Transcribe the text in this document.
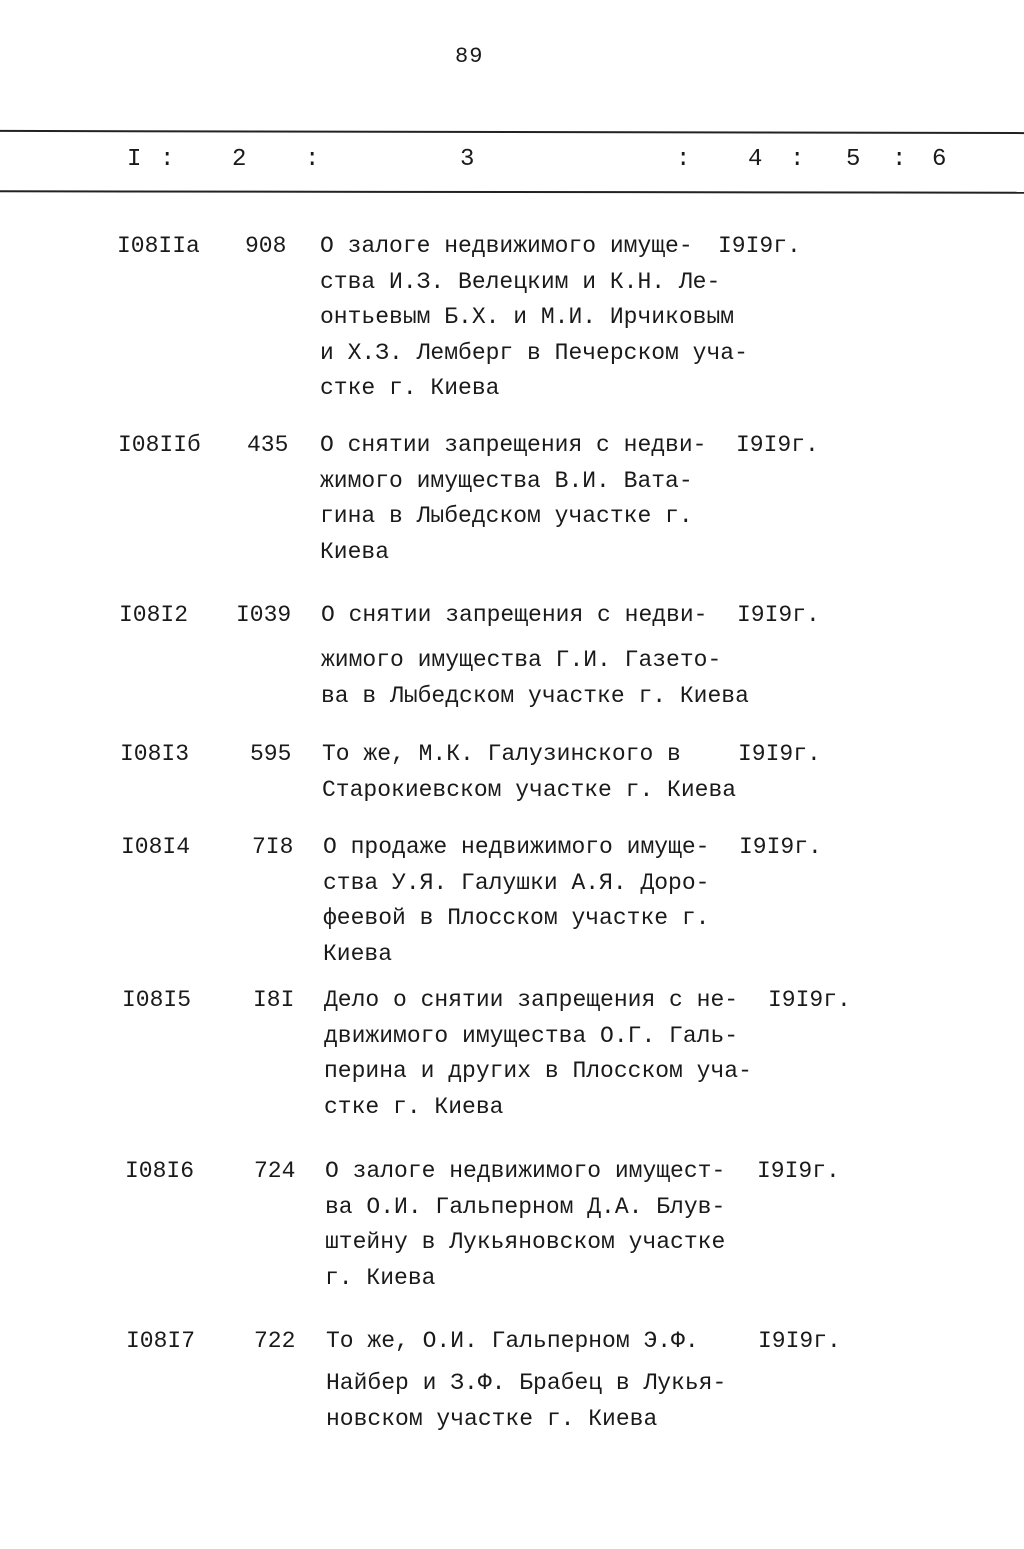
89
I : 2 :	3	: 4 : 5 : 6
I08IIа 908 О залоге недвижимого имуще-
ства И.З. Велецким и К.Н. Ле-
онтьевым Б.Х. и М.И. Ирчиковым
и Х.З. Лемберг в Печерском уча-
стке г. Киева
I9I9г.
I08IIб 435 О снятии запрещения с недви-
жимого имущества В.И. Вата-
гина в Лыбедском участке г.
Киева
I9I9г.
I08I2 I039 О снятии запрещения с недви-
жимого имущества Г.И. Газето-
ва в Лыбедском участке г. Киева
I9I9г.
I08I3	595 То же, М.К. Галузинского в
Старокиевском участке г. Киева
I9I9г.
I08I4	7I8 О продаже недвижимого имуще-
ства У.Я. Галушки А.Я. Доро-
феевой в Плосском участке г.
Киева
I9I9г.
I08I5	I8I Дело о снятии запрещения с не-
движимого имущества О.Г. Галь-
перина и других в Плосском уча-
стке г. Киева
I9I9г.
I08I6	724 О залоге недвижимого имущест-
ва О.И. Гальперном Д.А. Блув-
штейну в Лукьяновском участке
г. Киева
I9I9г.
I08I7	722 То же, О.И. Гальперном Э.Ф.
Найбер и З.Ф. Брабец в Лукья-
новском участке г. Киева
I9I9г.
